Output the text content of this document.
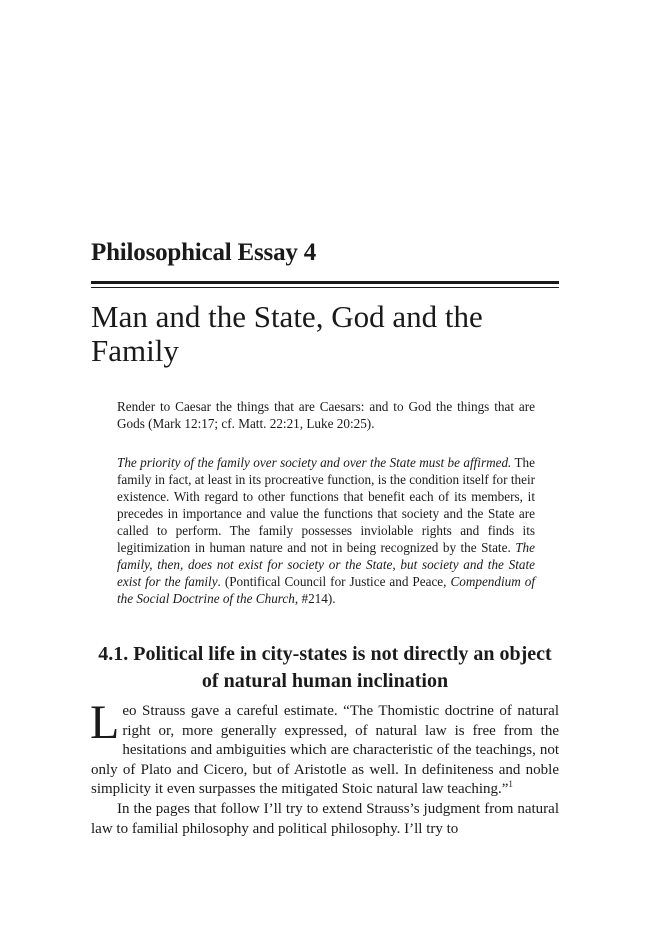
Philosophical Essay 4
Man and the State, God and the Family

Render to Caesar the things that are Caesars: and to God the things that are Gods (Mark 12:17; cf. Matt. 22:21, Luke 20:25).

The priority of the family over society and over the State must be affirmed. The family in fact, at least in its procreative function, is the condition itself for their existence. With regard to other functions that benefit each of its members, it precedes in importance and value the functions that society and the State are called to perform. The family possesses inviolable rights and finds its legitimization in human nature and not in being recognized by the State. The family, then, does not exist for society or the State, but society and the State exist for the family. (Pontifical Council for Justice and Peace, Compendium of the Social Doctrine of the Church, #214).

4.1. Political life in city-states is not directly an object of natural human inclination

Leo Strauss gave a careful estimate. “The Thomistic doctrine of natural right or, more generally expressed, of natural law is free from the hesitations and ambiguities which are characteristic of the teachings, not only of Plato and Cicero, but of Aristotle as well. In definiteness and noble simplicity it even surpasses the mitigated Stoic natural law teaching.”$^1$

In the pages that follow I’ll try to extend Strauss’s judgment from natural law to familial philosophy and political philosophy. I’ll try to
